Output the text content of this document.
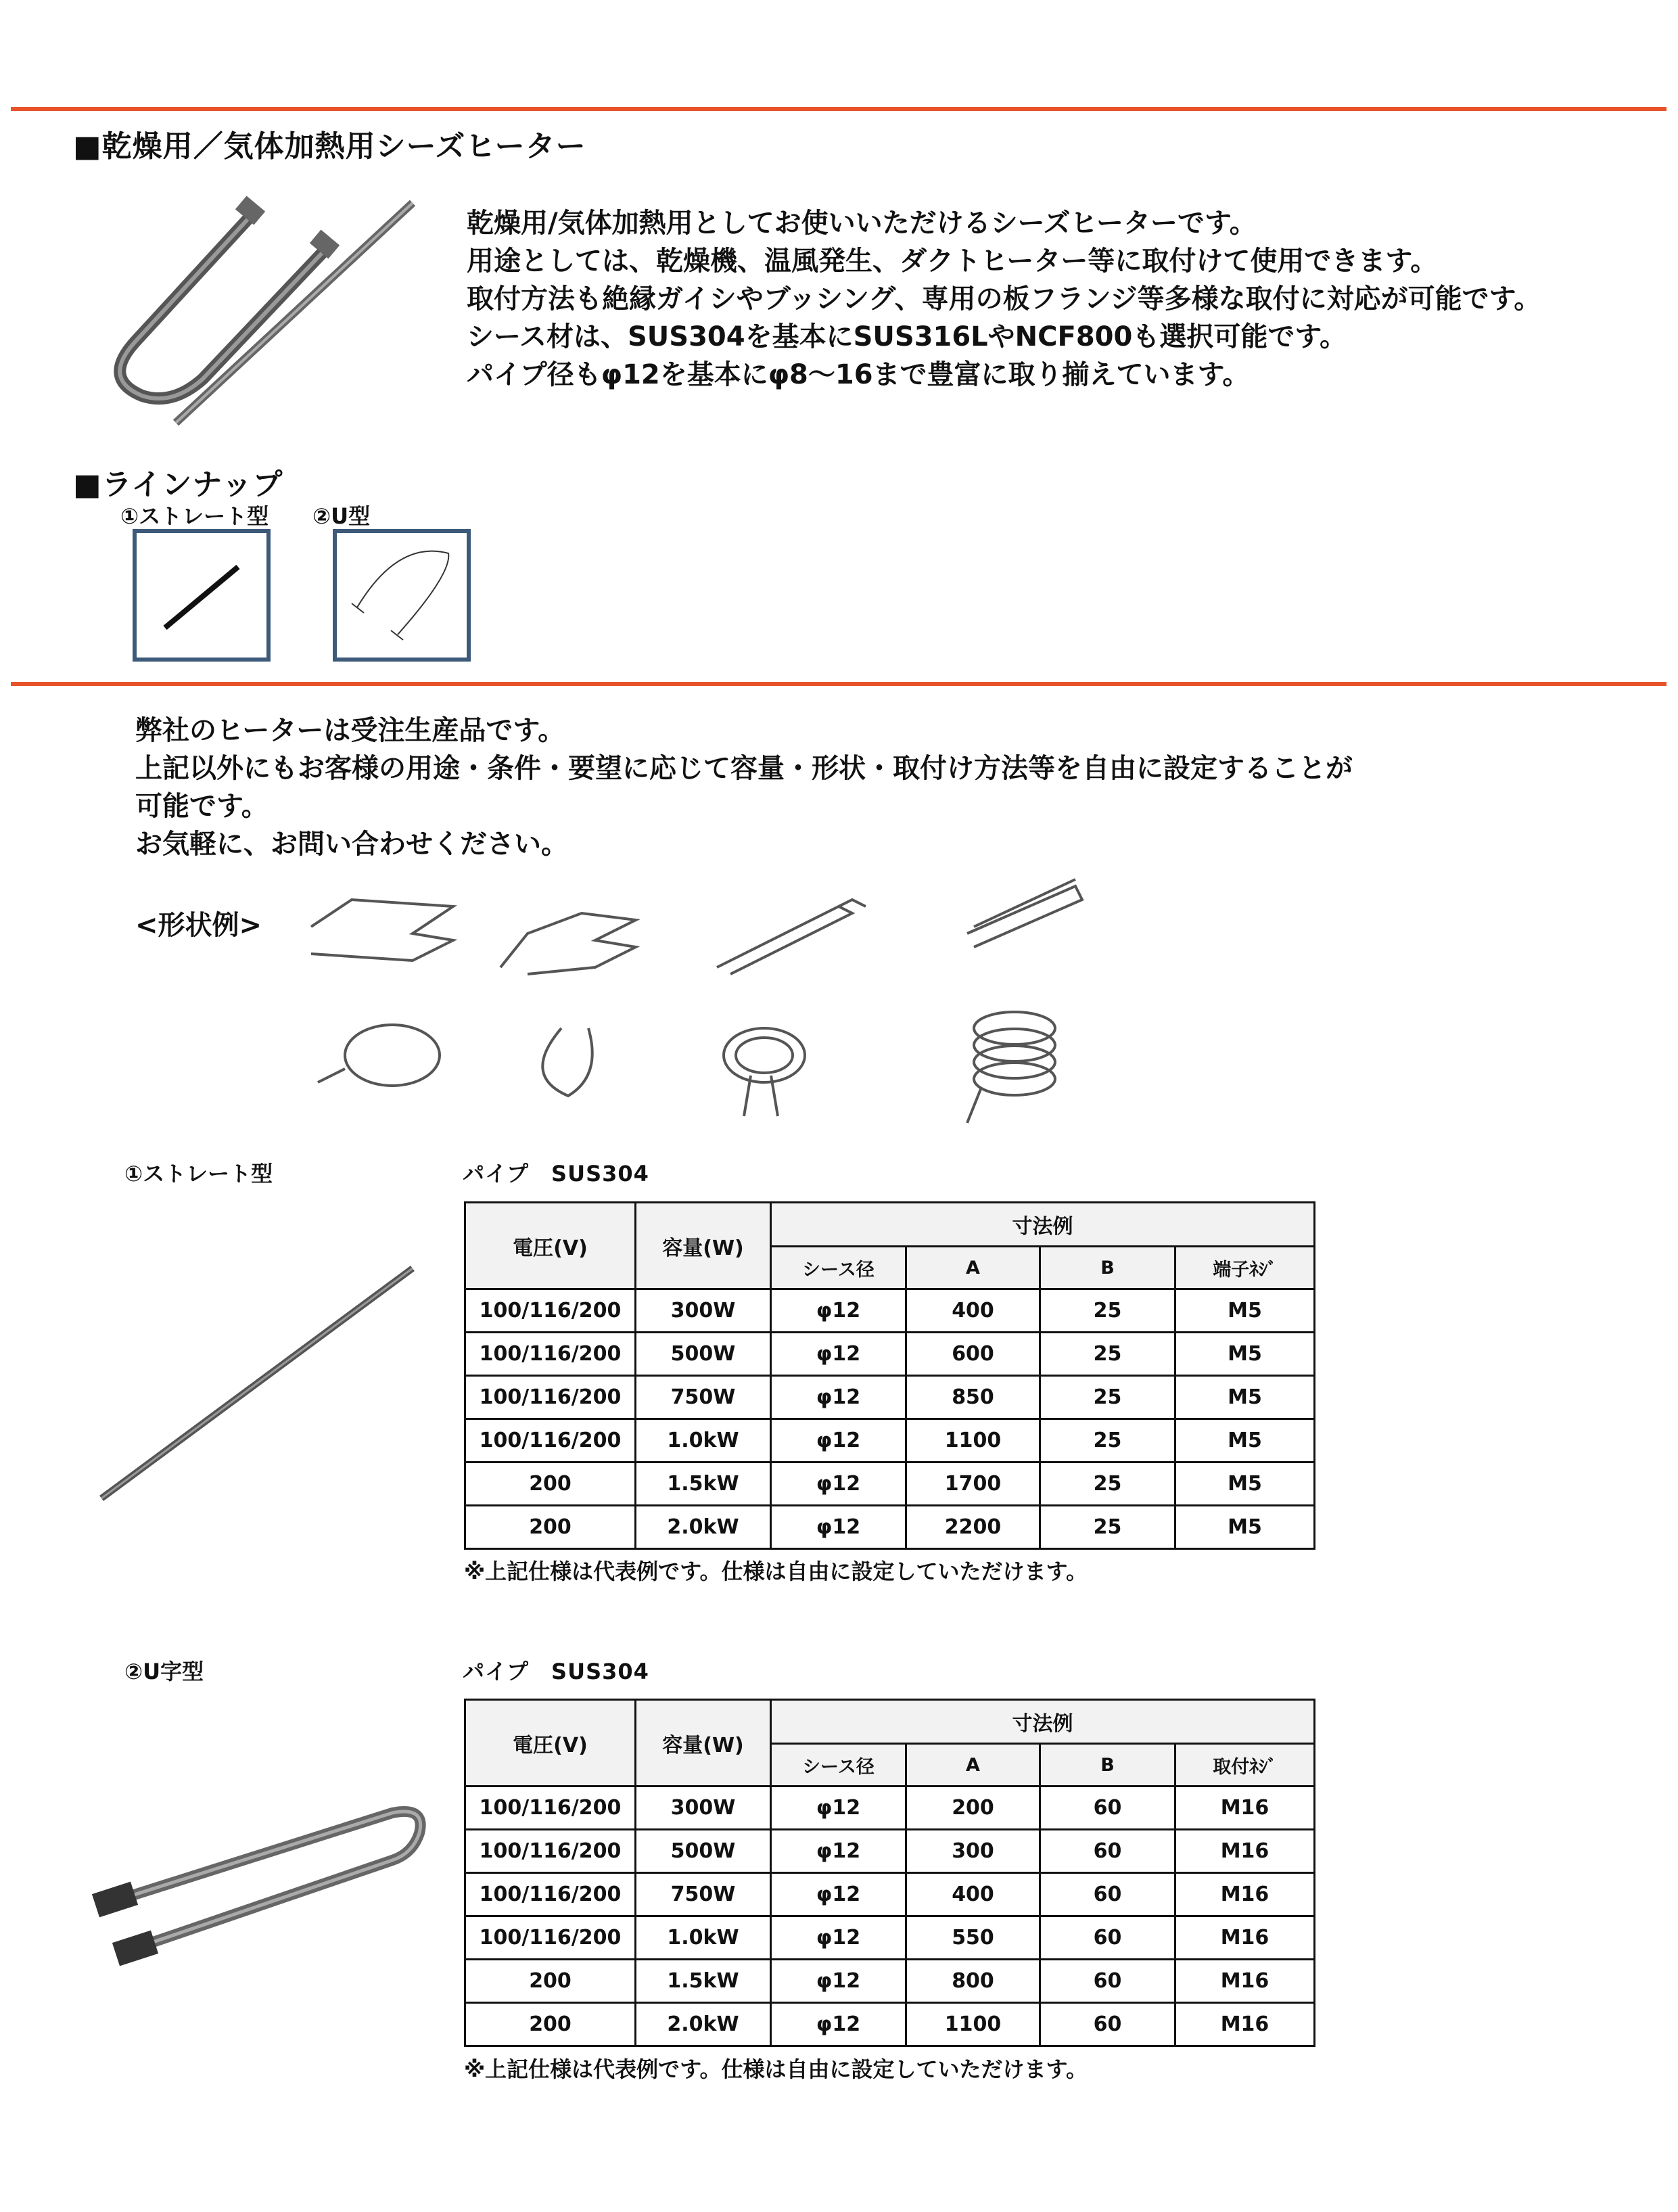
■乾燥用／気体加熱用シーズヒーター
乾燥用/気体加熱用としてお使いいただけるシーズヒーターです。
用途としては、乾燥機、温風発生、ダクトヒーター等に取付けて使用できます。
取付方法も絶縁ガイシやブッシング、専用の板フランジ等多様な取付に対応が可能です。
シース材は、SUS304を基本にSUS316LやNCF800も選択可能です。
パイプ径もφ12を基本にφ8～16まで豊富に取り揃えています。
■ラインナップ
①ストレート型 ②U型
弊社のヒーターは受注生産品です。
上記以外にもお客様の用途・条件・要望に応じて容量・形状・取付け方法等を自由に設定することが
可能です。
お気軽に、お問い合わせください。
<形状例>
①ストレート型	パイプ　SUS304
電圧(V)	容量(W)	寸法例			
		シース径	A	B	端子ﾈｼﾞ
100/116/200	300W	φ12	400	25	M5
100/116/200	500W	φ12	600	25	M5
100/116/200	750W	φ12	850	25	M5
100/116/200	1.0kW	φ12	1100	25	M5
200	1.5kW	φ12	1700	25	M5
200	2.0kW	φ12	2200	25	M5
※上記仕様は代表例です。仕様は自由に設定していただけます。
②U字型	パイプ　SUS304
電圧(V)	容量(W)	寸法例			
		シース径	A	B	取付ﾈｼﾞ
100/116/200	300W	φ12	200	60	M16
100/116/200	500W	φ12	300	60	M16
100/116/200	750W	φ12	400	60	M16
100/116/200	1.0kW	φ12	550	60	M16
200	1.5kW	φ12	800	60	M16
200	2.0kW	φ12	1100	60	M16
※上記仕様は代表例です。仕様は自由に設定していただけます。
